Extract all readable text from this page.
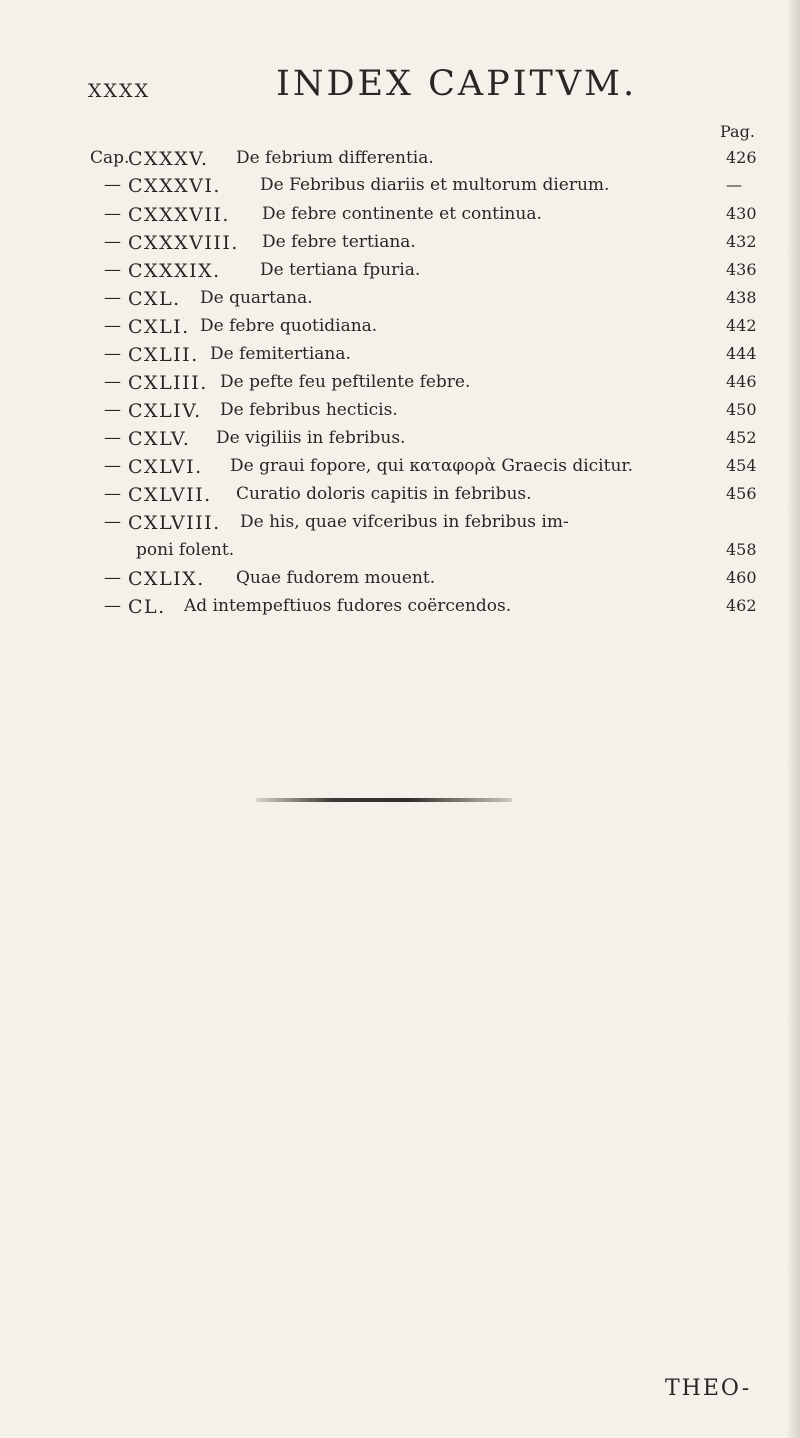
XXXX	INDEX CAPITVM.
Pag.
Cap.
CXXXV. De febrium differentia.	426
— CXXXVI. De Febribus diariis et multorum dierum.	—
— CXXXVII. De febre continente et continua.	430
— CXXXVIII. De febre tertiana.	432
— CXXXIX. De tertiana fpuria.	436
— CXL. De quartana.	438
— CXLI. De febre quotidiana.	442
— CXLII. De femitertiana.	444
— CXLIII. De pefte feu peftilente febre.	446
— CXLIV. De febribus hecticis.	450
— CXLV. De vigiliis in febribus.	452
— CXLVI. De graui fopore, qui καταφορὰ Graecis dicitur.	454
— CXLVII. Curatio doloris capitis in febribus.	456
— CXLVIII. De his, quae vifceribus in febribus im-
poni folent.	458
— CXLIX. Quae fudorem mouent.	460
— CL. Ad intempeftiuos fudores coërcendos.	462
THEO-
